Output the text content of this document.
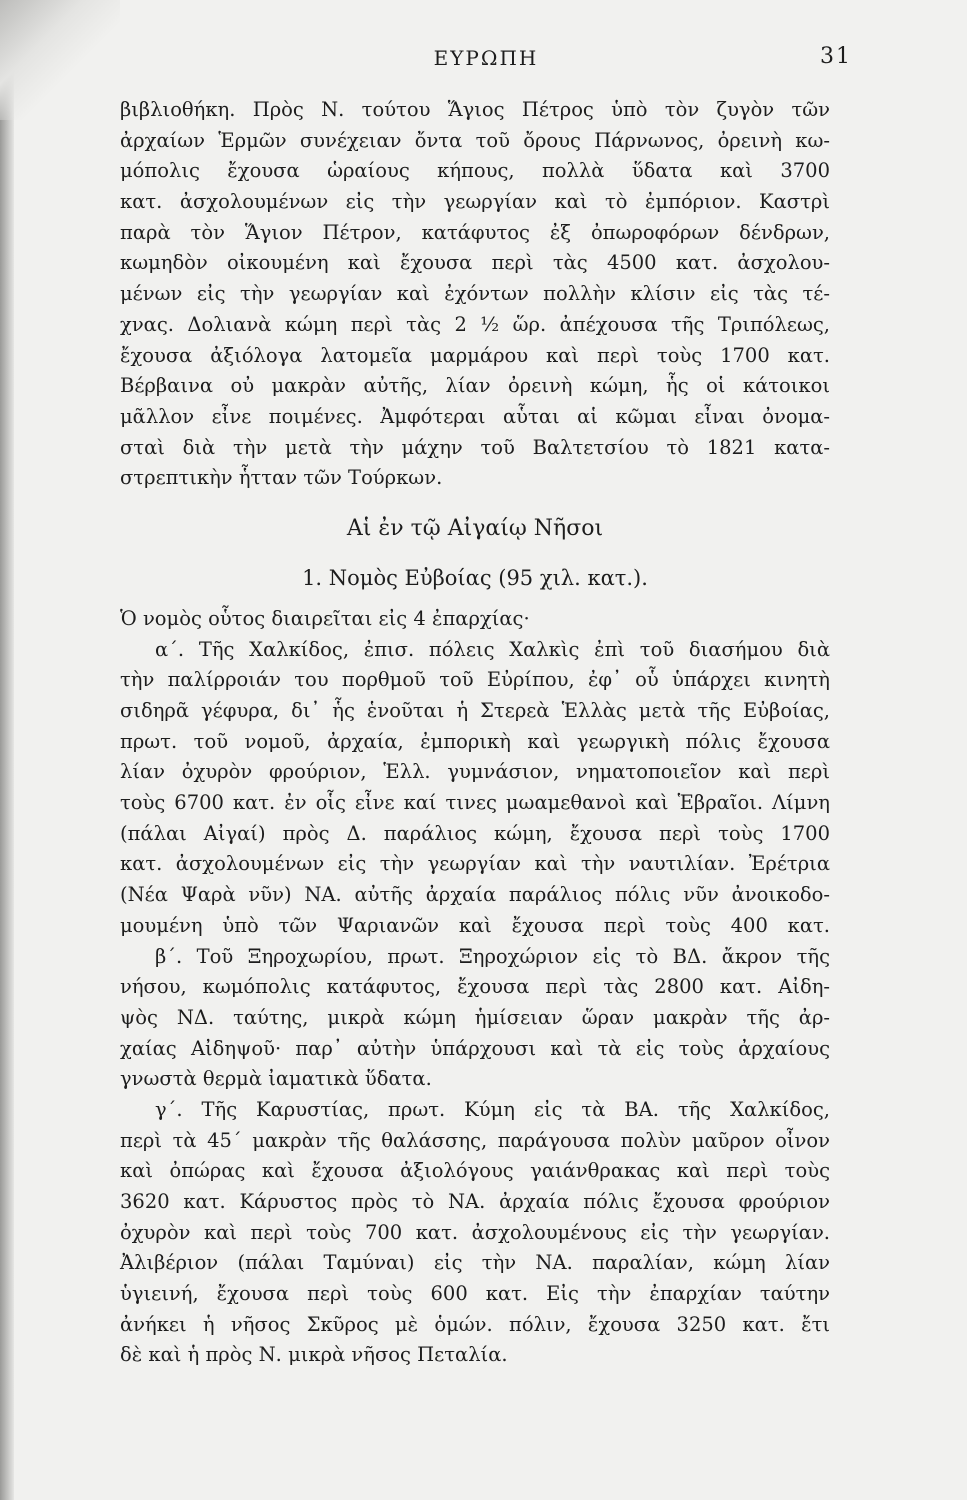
ΕΥΡΩΠΗ	31
βιβλιοθήκη. Πρὸς Ν. τούτου Ἅγιος Πέτρος ὑπὸ τὸν ζυγὸν τῶν
ἀρχαίων Ἑρμῶν συνέχειαν ὄντα τοῦ ὄρους Πάρνωνος, ὀρεινὴ κω-
μόπολις ἔχουσα ὡραίους κήπους, πολλὰ ὕδατα καὶ 3700
κατ. ἀσχολουμένων εἰς τὴν γεωργίαν καὶ τὸ ἐμπόριον. Καστρὶ
παρὰ τὸν Ἅγιον Πέτρον, κατάφυτος ἐξ ὀπωροφόρων δένδρων,
κωμηδὸν οἰκουμένη καὶ ἔχουσα περὶ τὰς 4500 κατ. ἀσχολου-
μένων εἰς τὴν γεωργίαν καὶ ἐχόντων πολλὴν κλίσιν εἰς τὰς τέ-
χνας. Δολιανὰ κώμη περὶ τὰς 2 ½ ὥρ. ἀπέχουσα τῆς Τριπόλεως,
ἔχουσα ἀξιόλογα λατομεῖα μαρμάρου καὶ περὶ τοὺς 1700 κατ.
Βέρβαινα οὐ μακρὰν αὐτῆς, λίαν ὀρεινὴ κώμη, ἧς οἱ κάτοικοι
μᾶλλον εἶνε ποιμένες. Ἀμφότεραι αὗται αἱ κῶμαι εἶναι ὀνομα-
σταὶ διὰ τὴν μετὰ τὴν μάχην τοῦ Βαλτετσίου τὸ 1821 κατα-
στρεπτικὴν ἧτταν τῶν Τούρκων.
Αἱ ἐν τῷ Αἰγαίῳ Νῆσοι
1. Νομὸς Εὐβοίας (95 χιλ. κατ.).
Ὁ νομὸς οὗτος διαιρεῖται εἰς 4 ἐπαρχίας·
α΄. Τῆς Χαλκίδος, ἐπισ. πόλεις Χαλκὶς ἐπὶ τοῦ διασήμου διὰ
τὴν παλίρροιάν του πορθμοῦ τοῦ Εὐρίπου, ἐφ᾽ οὗ ὑπάρχει κινητὴ
σιδηρᾶ γέφυρα, δι᾽ ἧς ἑνοῦται ἡ Στερεὰ Ἑλλὰς μετὰ τῆς Εὐβοίας,
πρωτ. τοῦ νομοῦ, ἀρχαία, ἐμπορικὴ καὶ γεωργικὴ πόλις ἔχουσα
λίαν ὀχυρὸν φρούριον, Ἑλλ. γυμνάσιον, νηματοποιεῖον καὶ περὶ
τοὺς 6700 κατ. ἐν οἷς εἶνε καί τινες μωαμεθανοὶ καὶ Ἑβραῖοι. Λίμνη
(πάλαι Αἰγαί) πρὸς Δ. παράλιος κώμη, ἔχουσα περὶ τοὺς 1700
κατ. ἀσχολουμένων εἰς τὴν γεωργίαν καὶ τὴν ναυτιλίαν. Ἐρέτρια
(Νέα Ψαρὰ νῦν) ΝΑ. αὐτῆς ἀρχαία παράλιος πόλις νῦν ἀνοικοδο-
μουμένη ὑπὸ τῶν Ψαριανῶν καὶ ἔχουσα περὶ τοὺς 400 κατ.
β΄. Τοῦ Ξηροχωρίου, πρωτ. Ξηροχώριον εἰς τὸ ΒΔ. ἄκρον τῆς
νήσου, κωμόπολις κατάφυτος, ἔχουσα περὶ τὰς 2800 κατ. Αἰδη-
ψὸς ΝΔ. ταύτης, μικρὰ κώμη ἡμίσειαν ὥραν μακρὰν τῆς ἀρ-
χαίας Αἰδηψοῦ· παρ᾽ αὐτὴν ὑπάρχουσι καὶ τὰ εἰς τοὺς ἀρχαίους
γνωστὰ θερμὰ ἰαματικὰ ὕδατα.
γ΄. Τῆς Καρυστίας, πρωτ. Κύμη εἰς τὰ ΒΑ. τῆς Χαλκίδος,
περὶ τὰ 45΄ μακρὰν τῆς θαλάσσης, παράγουσα πολὺν μαῦρον οἶνον
καὶ ὀπώρας καὶ ἔχουσα ἀξιολόγους γαιάνθρακας καὶ περὶ τοὺς
3620 κατ. Κάρυστος πρὸς τὸ ΝΑ. ἀρχαία πόλις ἔχουσα φρούριον
ὀχυρὸν καὶ περὶ τοὺς 700 κατ. ἀσχολουμένους εἰς τὴν γεωργίαν.
Ἀλιβέριον (πάλαι Ταμύναι) εἰς τὴν ΝΑ. παραλίαν, κώμη λίαν
ὑγιεινή, ἔχουσα περὶ τοὺς 600 κατ. Εἰς τὴν ἐπαρχίαν ταύτην
ἀνήκει ἡ νῆσος Σκῦρος μὲ ὁμών. πόλιν, ἔχουσα 3250 κατ. ἔτι
δὲ καὶ ἡ πρὸς Ν. μικρὰ νῆσος Πεταλία.
